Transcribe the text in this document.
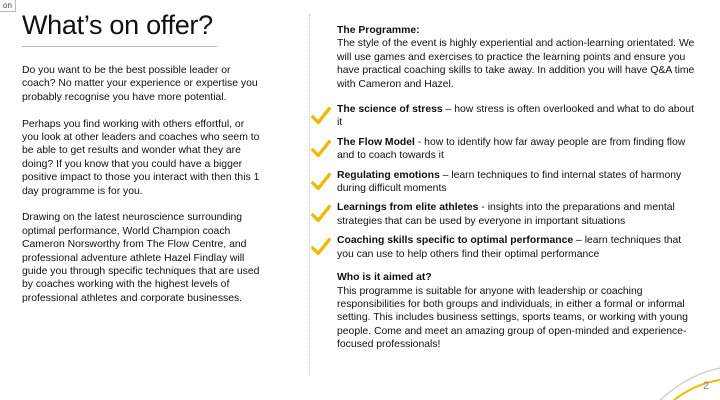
on
What’s on offer?

Do you want to be the best possible leader or coach? No matter your experience or expertise you probably recognise you have more potential.

Perhaps you find working with others effortful, or you look at other leaders and coaches who seem to be able to get results and wonder what they are doing? If you know that you could have a bigger positive impact to those you interact with then this 1 day programme is for you.

Drawing on the latest neuroscience surrounding optimal performance, World Champion coach Cameron Norsworthy from The Flow Centre, and professional adventure athlete Hazel Findlay will guide you through specific techniques that are used by coaches working with the highest levels of professional athletes and corporate businesses.

The Programme:
The style of the event is highly experiential and action-learning orientated. We will use games and exercises to practice the learning points and ensure you have practical coaching skills to take away. In addition you will have Q&A time with Cameron and Hazel.
The science of stress – how stress is often overlooked and what to do about it
The Flow Model - how to identify how far away people are from finding flow and to coach towards it
Regulating emotions – learn techniques to find internal states of harmony during difficult moments
Learnings from elite athletes - insights into the preparations and mental strategies that can be used by everyone in important situations
Coaching skills specific to optimal performance – learn techniques that you can use to help others find their optimal performance
Who is it aimed at?
This programme is suitable for anyone with leadership or coaching responsibilities for both groups and individuals, in either a formal or informal setting. This includes business settings, sports teams, or working with young people. Come and meet an amazing group of open-minded and experience-focused professionals!
2
